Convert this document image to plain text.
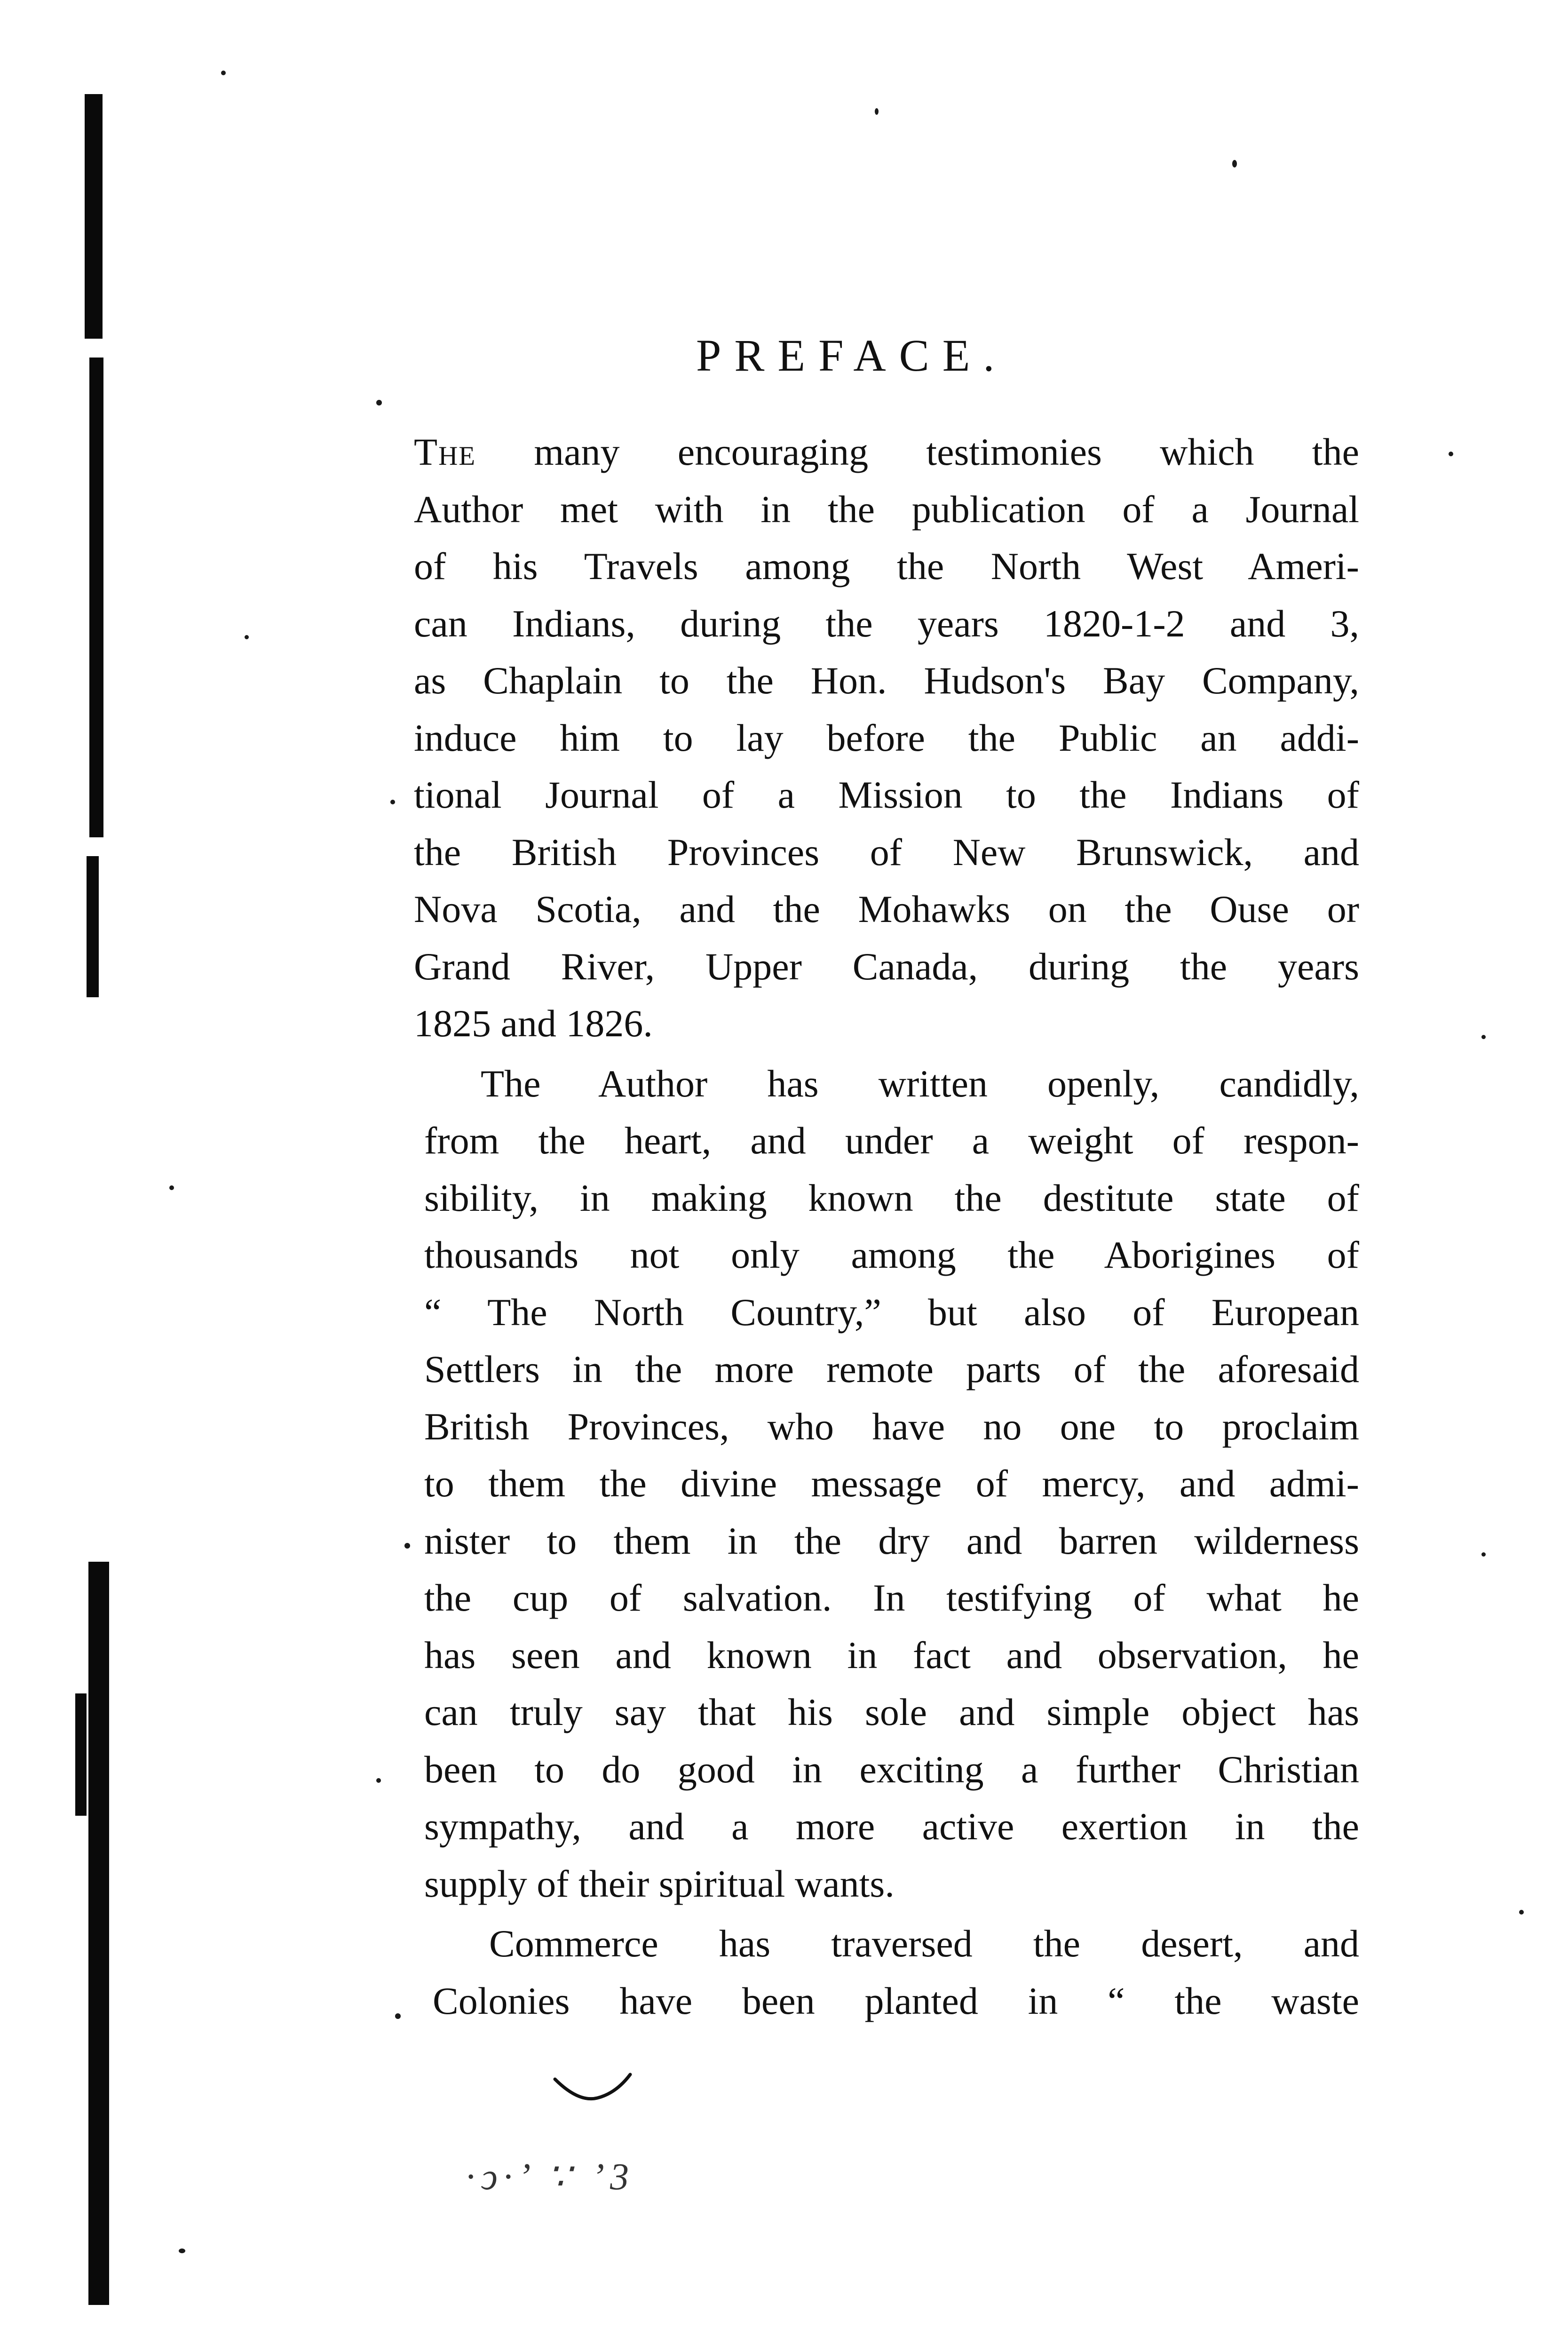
PREFACE.
The many encouraging testimonies which the
Author met with in the publication of a Journal
of his Travels among the North West Ameri-
can Indians, during the years 1820-1-2 and 3,
as Chaplain to the Hon. Hudson's Bay Company,
induce him to lay before the Public an addi-
tional Journal of a Mission to the Indians of
the British Provinces of New Brunswick, and
Nova Scotia, and the Mohawks on the Ouse or
Grand River, Upper Canada, during the years
1825 and 1826.
The Author has written openly, candidly,
from the heart, and under a weight of respon-
sibility, in making known the destitute state of
thousands not only among the Aborigines of
“ The North Country,” but also of European
Settlers in the more remote parts of the aforesaid
British Provinces, who have no one to proclaim
to them the divine message of mercy, and admi-
nister to them in the dry and barren wilderness
the cup of salvation. In testifying of what he
has seen and known in fact and observation, he
can truly say that his sole and simple object has
been to do good in exciting a further Christian
sympathy, and a more active exertion in the
supply of their spiritual wants.
Commerce has traversed the desert, and
Colonies have been planted in “ the waste
·ↄ·’ ∵ ’3
